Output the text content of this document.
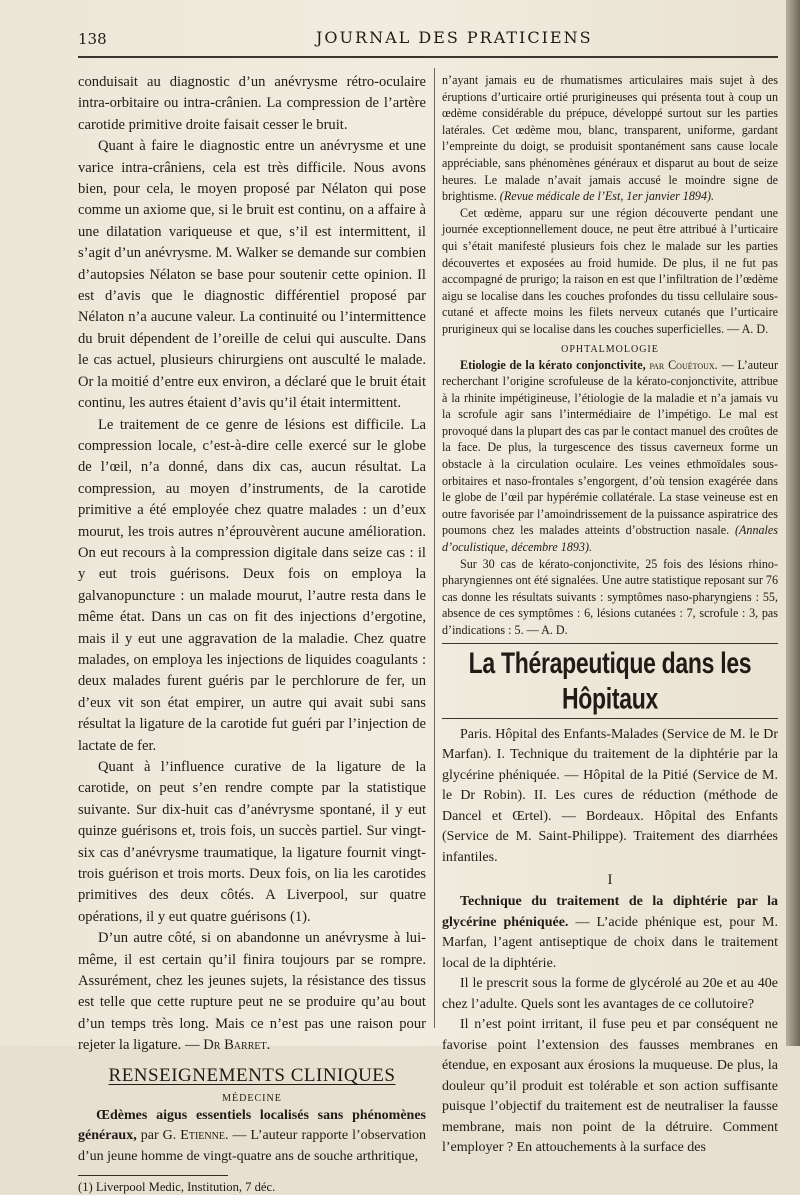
138	JOURNAL DES PRATICIENS

conduisait au diagnostic d’un anévrysme rétro-oculaire intra-orbitaire ou intra-crânien. La compression de l’artère carotide primitive droite faisait cesser le bruit.

Quant à faire le diagnostic entre un anévrysme et une varice intra-crâniens, cela est très difficile. Nous avons bien, pour cela, le moyen proposé par Nélaton qui pose comme un axiome que, si le bruit est continu, on a affaire à une dilatation variqueuse et que, s’il est intermittent, il s’agit d’un anévrysme. M. Walker se demande sur combien d’autopsies Nélaton se base pour soutenir cette opinion. Il est d’avis que le diagnostic différentiel proposé par Nélaton n’a aucune valeur. La continuité ou l’intermittence du bruit dépendent de l’oreille de celui qui ausculte. Dans le cas actuel, plusieurs chirurgiens ont ausculté le malade. Or la moitié d’entre eux environ, a déclaré que le bruit était continu, les autres étaient d’avis qu’il était intermittent.

Le traitement de ce genre de lésions est difficile. La compression locale, c’est-à-dire celle exercé sur le globe de l’œil, n’a donné, dans dix cas, aucun résultat. La compression, au moyen d’instruments, de la carotide primitive a été employée chez quatre malades : un d’eux mourut, les trois autres n’éprouvèrent aucune amélioration. On eut recours à la compression digitale dans seize cas : il y eut trois guérisons. Deux fois on employa la galvanopuncture : un malade mourut, l’autre resta dans le même état. Dans un cas on fit des injections d’ergotine, mais il y eut une aggravation de la maladie. Chez quatre malades, on employa les injections de liquides coagulants : deux malades furent guéris par le perchlorure de fer, un d’eux vit son état empirer, un autre qui avait subi sans résultat la ligature de la carotide fut guéri par l’injection de lactate de fer.

Quant à l’influence curative de la ligature de la carotide, on peut s’en rendre compte par la statistique suivante. Sur dix-huit cas d’anévrysme spontané, il y eut quinze guérisons et, trois fois, un succès partiel. Sur vingt-six cas d’anévrysme traumatique, la ligature fournit vingt-trois guérison et trois morts. Deux fois, on lia les carotides primitives des deux côtés. A Liverpool, sur quatre opérations, il y eut quatre guérisons (1).

D’un autre côté, si on abandonne un anévrysme à lui-même, il est certain qu’il finira toujours par se rompre. Assurément, chez les jeunes sujets, la résistance des tissus est telle que cette rupture peut ne se produire qu’au bout d’un temps très long. Mais ce n’est pas une raison pour rejeter la ligature. — Dr Barret.

RENSEIGNEMENTS CLINIQUES
MÉDECINE

Œdèmes aigus essentiels localisés sans phénomènes généraux, par G. Etienne. — L’auteur rapporte l’observation d’un jeune homme de vingt-quatre ans de souche arthritique,

(1) Liverpool Medic, Institution, 7 déc.

n’ayant jamais eu de rhumatismes articulaires mais sujet à des éruptions d’urticaire ortié prurigineuses qui présenta tout à coup un œdème considérable du prépuce, développé surtout sur les parties latérales. Cet œdème mou, blanc, transparent, uniforme, gardant l’empreinte du doigt, se produisit spontanément sans cause locale appréciable, sans phénomènes généraux et disparut au bout de seize heures. Le malade n’avait jamais accusé le moindre signe de brightisme. (Revue médicale de l’Est, 1er janvier 1894).

Cet œdème, apparu sur une région découverte pendant une journée exceptionnellement douce, ne peut être attribué à l’urticaire qui s’était manifesté plusieurs fois chez le malade sur les parties découvertes et exposées au froid humide. De plus, il ne fut pas accompagné de prurigo; la raison en est que l’infiltration de l’œdème aigu se localise dans les couches profondes du tissu cellulaire sous-cutané et affecte moins les filets nerveux cutanés que l’urticaire prurigineux qui se localise dans les couches superficielles. — A. D.

OPHTALMOLOGIE

Etiologie de la kérato conjonctivite, par Couétoux. — L’auteur recherchant l’origine scrofuleuse de la kérato-conjonctivite, attribue à la rhinite impétigineuse, l’étiologie de la maladie et n’a jamais vu la scrofule agir sans l’intermédiaire de l’impétigo. Le mal est provoqué dans la plupart des cas par le contact manuel des croûtes de la face. De plus, la turgescence des tissus caverneux forme un obstacle à la circulation oculaire. Les veines ethmoïdales sous-orbitaires et naso-frontales s’engorgent, d’où tension exagérée dans le globe de l’œil par hypérémie collatérale. La stase veineuse est en outre favorisée par l’amoindrissement de la puissance aspiratrice des poumons chez les malades atteints d’obstruction nasale. (Annales d’oculistique, décembre 1893).

Sur 30 cas de kérato-conjonctivite, 25 fois des lésions rhino-pharyngiennes ont été signalées. Une autre statistique reposant sur 76 cas donne les résultats suivants : symptômes naso-pharyngiens : 55, absence de ces symptômes : 6, lésions cutanées : 7, scrofule : 3, pas d’indications : 5. — A. D.

La Thérapeutique dans les Hôpitaux

Paris. Hôpital des Enfants-Malades (Service de M. le Dr Marfan). I. Technique du traitement de la diphtérie par la glycérine phéniquée. — Hôpital de la Pitié (Service de M. le Dr Robin). II. Les cures de réduction (méthode de Dancel et Œrtel). — Bordeaux. Hôpital des Enfants (Service de M. Saint-Philippe). Traitement des diarrhées infantiles.

I

Technique du traitement de la diphtérie par la glycérine phéniquée. — L’acide phénique est, pour M. Marfan, l’agent antiseptique de choix dans le traitement local de la diphtérie.

Il le prescrit sous la forme de glycérolé au 20e et au 40e chez l’adulte. Quels sont les avantages de ce collutoire?

Il n’est point irritant, il fuse peu et par conséquent ne favorise point l’extension des fausses membranes en étendue, en exposant aux érosions la muqueuse. De plus, la douleur qu’il produit est tolérable et son action suffisante puisque l’objectif du traitement est de neutraliser la fausse membrane, mais non point de la détruire. Comment l’employer ? En attouchements à la surface des
